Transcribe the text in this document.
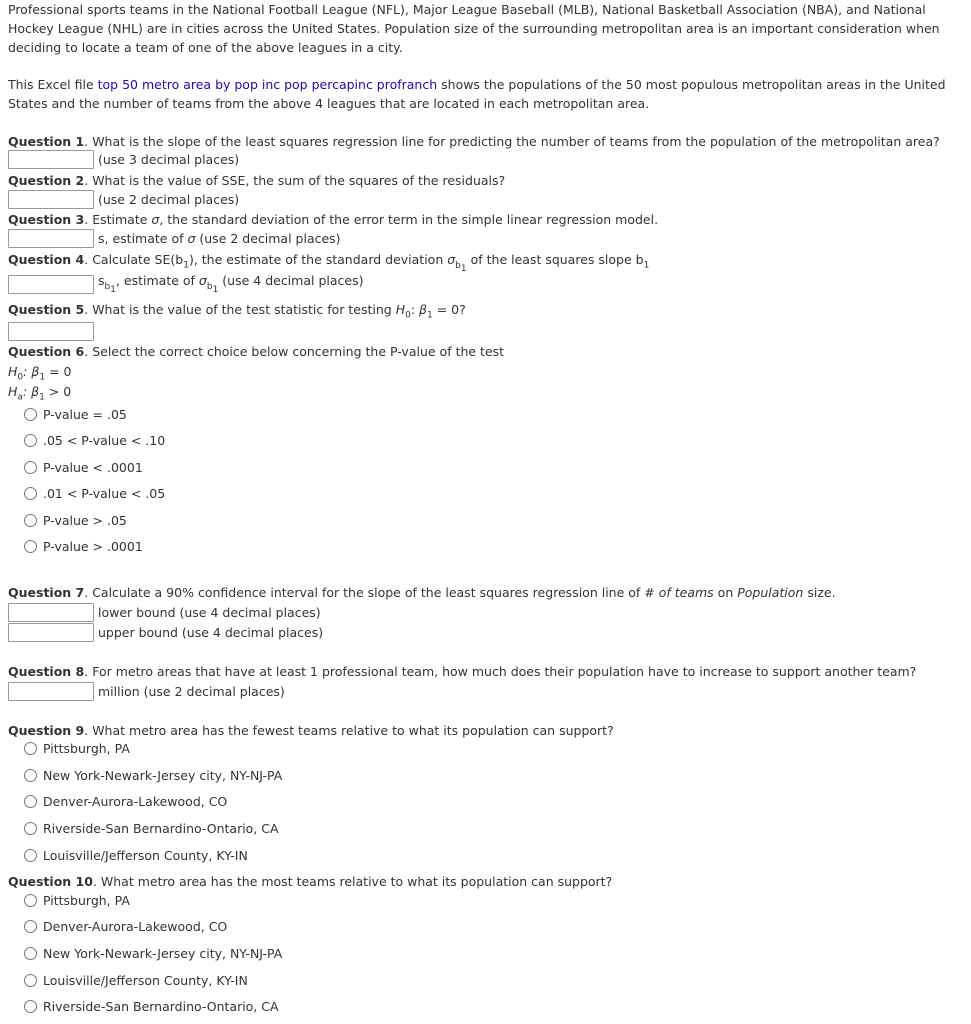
Professional sports teams in the National Football League (NFL), Major League Baseball (MLB), National Basketball Association (NBA), and National Hockey League (NHL) are in cities across the United States. Population size of the surrounding metropolitan area is an important consideration when deciding to locate a team of one of the above leagues in a city.
This Excel file top 50 metro area by pop inc pop percapinc profranch shows the populations of the 50 most populous metropolitan areas in the United States and the number of teams from the above 4 leagues that are located in each metropolitan area.
Question 1. What is the slope of the least squares regression line for predicting the number of teams from the population of the metropolitan area?
(use 3 decimal places)
Question 2. What is the value of SSE, the sum of the squares of the residuals?
(use 2 decimal places)
Question 3. Estimate σ, the standard deviation of the error term in the simple linear regression model.
s, estimate of σ (use 2 decimal places)
Question 4. Calculate $SE(b_1)$, the estimate of the standard deviation $\sigma_{b_1}$ of the least squares slope $b_1$
$s_{b_1}$, estimate of $\sigma_{b_1}$ (use 4 decimal places)
Question 5. What is the value of the test statistic for testing $H_0$: $\beta_1 = 0$?
Question 6. Select the correct choice below concerning the P-value of the test
$H_0$: $\beta_1 = 0$
$H_a$: $\beta_1 > 0$
P-value = .05
.05 < P-value < .10
P-value < .0001
.01 < P-value < .05
P-value > .05
P-value > .0001
Question 7. Calculate a 90% confidence interval for the slope of the least squares regression line of # of teams on Population size.
lower bound (use 4 decimal places)
upper bound (use 4 decimal places)
Question 8. For metro areas that have at least 1 professional team, how much does their population have to increase to support another team?
million (use 2 decimal places)
Question 9. What metro area has the fewest teams relative to what its population can support?
Pittsburgh, PA
New York-Newark-Jersey city, NY-NJ-PA
Denver-Aurora-Lakewood, CO
Riverside-San Bernardino-Ontario, CA
Louisville/Jefferson County, KY-IN
Question 10. What metro area has the most teams relative to what its population can support?
Pittsburgh, PA
Denver-Aurora-Lakewood, CO
New York-Newark-Jersey city, NY-NJ-PA
Louisville/Jefferson County, KY-IN
Riverside-San Bernardino-Ontario, CA
